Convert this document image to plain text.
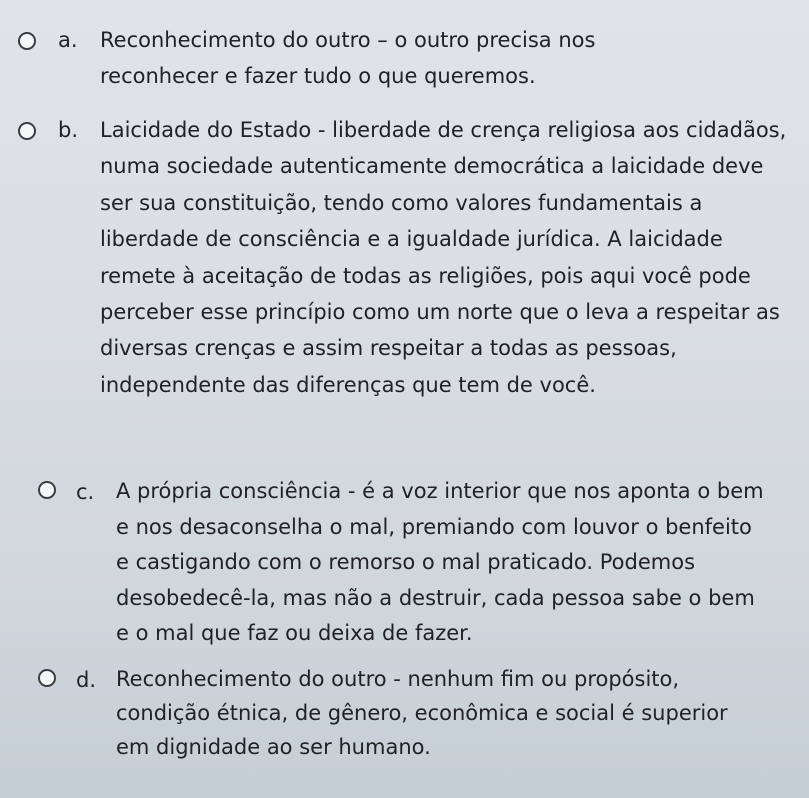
a. Reconhecimento do outro – o outro precisa nos reconhecer e fazer tudo o que queremos.
b. Laicidade do Estado - liberdade de crença religiosa aos cidadãos, numa sociedade autenticamente democrática a laicidade deve ser sua constituição, tendo como valores fundamentais a liberdade de consciência e a igualdade jurídica. A laicidade remete à aceitação de todas as religiões, pois aqui você pode perceber esse princípio como um norte que o leva a respeitar as diversas crenças e assim respeitar a todas as pessoas, independente das diferenças que tem de você.
c. A própria consciência - é a voz interior que nos aponta o bem e nos desaconselha o mal, premiando com louvor o benfeito e castigando com o remorso o mal praticado. Podemos desobedecê-la, mas não a destruir, cada pessoa sabe o bem e o mal que faz ou deixa de fazer.
d. Reconhecimento do outro - nenhum fim ou propósito, condição étnica, de gênero, econômica e social é superior em dignidade ao ser humano.
